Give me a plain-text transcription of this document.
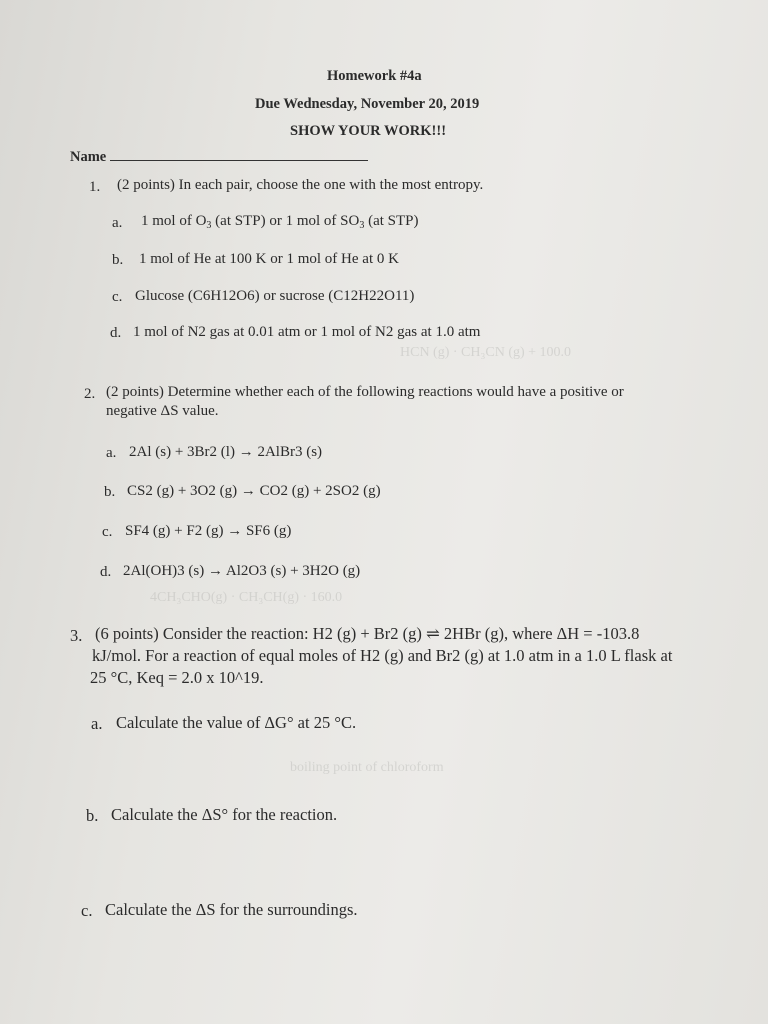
HCN (g) · CH₃CN (g) + 100.0
4CH₃CHO(g) · CH₃CH(g) · 160.0
boiling point of chloroform
Homework #4a
Due Wednesday, November 20, 2019
SHOW YOUR WORK!!!
Name
1. (2 points) In each pair, choose the one with the most entropy.
a. 1 mol of $O_3$ (at STP) or 1 mol of $SO_3$ (at STP)
b. 1 mol of He at 100 K or 1 mol of He at 0 K
c. Glucose (C6H12O6) or sucrose (C12H22O11)
d. 1 mol of N2 gas at 0.01 atm or 1 mol of N2 gas at 1.0 atm
2. (2 points) Determine whether each of the following reactions would have a positive or
negative ΔS value.
a. 2Al (s) + 3Br2 (l) → 2AlBr3 (s)
b. CS2 (g) + 3O2 (g) → CO2 (g) + 2SO2 (g)
c. SF4 (g) + F2 (g) → SF6 (g)
d. 2Al(OH)3 (s) → Al2O3 (s) + 3H2O (g)
3. (6 points) Consider the reaction: H2 (g) + Br2 (g) ⇌ 2HBr (g), where ΔH = -103.8
kJ/mol. For a reaction of equal moles of H2 (g) and Br2 (g) at 1.0 atm in a 1.0 L flask at
25 °C, Keq = 2.0 x 10^19.
a. Calculate the value of ΔG° at 25 °C.
b. Calculate the ΔS° for the reaction.
c. Calculate the ΔS for the surroundings.
